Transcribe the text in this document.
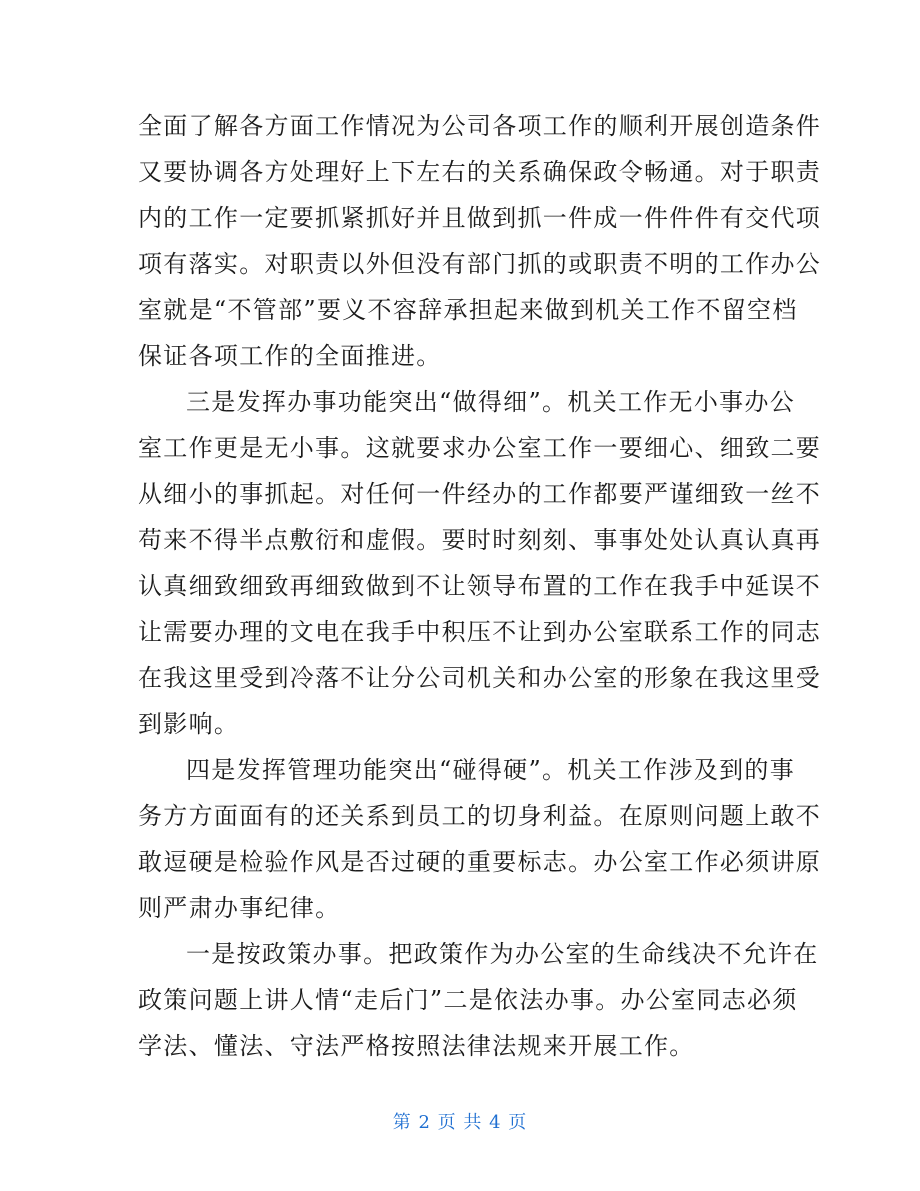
全面了解各方面工作情况为公司各项工作的顺利开展创造条件
又要协调各方处理好上下左右的关系确保政令畅通。对于职责
内的工作一定要抓紧抓好并且做到抓一件成一件件件有交代项
项有落实。对职责以外但没有部门抓的或职责不明的工作办公
室就是“不管部”要义不容辞承担起来做到机关工作不留空档
保证各项工作的全面推进。
三是发挥办事功能突出“做得细”。机关工作无小事办公
室工作更是无小事。这就要求办公室工作一要细心、细致二要
从细小的事抓起。对任何一件经办的工作都要严谨细致一丝不
苟来不得半点敷衍和虚假。要时时刻刻、事事处处认真认真再
认真细致细致再细致做到不让领导布置的工作在我手中延误不
让需要办理的文电在我手中积压不让到办公室联系工作的同志
在我这里受到冷落不让分公司机关和办公室的形象在我这里受
到影响。
四是发挥管理功能突出“碰得硬”。机关工作涉及到的事
务方方面面有的还关系到员工的切身利益。在原则问题上敢不
敢逗硬是检验作风是否过硬的重要标志。办公室工作必须讲原
则严肃办事纪律。
一是按政策办事。把政策作为办公室的生命线决不允许在
政策问题上讲人情“走后门”二是依法办事。办公室同志必须
学法、懂法、守法严格按照法律法规来开展工作。
第 2 页 共 4 页
